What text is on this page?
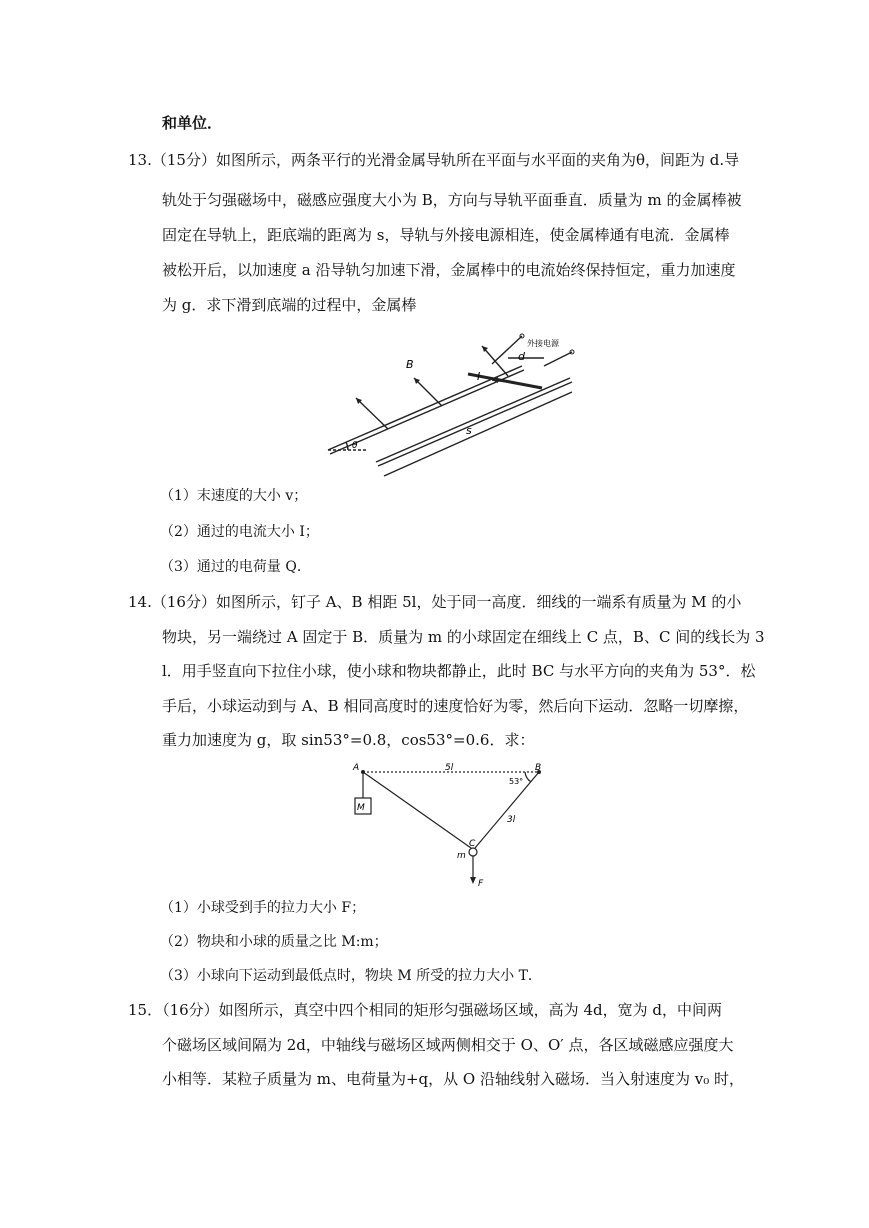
和单位．
13.（15分）如图所示，两条平行的光滑金属导轨所在平面与水平面的夹角为θ，间距为 d.导
轨处于匀强磁场中，磁感应强度大小为 B，方向与导轨平面垂直．质量为 m 的金属棒被
固定在导轨上，距底端的距离为 s，导轨与外接电源相连，使金属棒通有电流．金属棒
被松开后，以加速度 a 沿导轨匀加速下滑，金属棒中的电流始终保持恒定，重力加速度
为 g．求下滑到底端的过程中，金属棒
B
I
d
s
θ
外接电源
（1）末速度的大小 v；
（2）通过的电流大小 I；
（3）通过的电荷量 Q．
14.（16分）如图所示，钉子 A、B 相距 5l，处于同一高度．细线的一端系有质量为 M 的小
物块，另一端绕过 A 固定于 B．质量为 m 的小球固定在细线上 C 点，B、C 间的线长为 3
l．用手竖直向下拉住小球，使小球和物块都静止，此时 BC 与水平方向的夹角为 53°．松
手后，小球运动到与 A、B 相同高度时的速度恰好为零，然后向下运动．忽略一切摩擦，
重力加速度为 g，取 sin53°=0.8，cos53°=0.6．求：
A	B
M
5l
53°
3l
C
m
F
（1）小球受到手的拉力大小 F；
（2）物块和小球的质量之比 M:m；
（3）小球向下运动到最低点时，物块 M 所受的拉力大小 T．
15．（16分）如图所示，真空中四个相同的矩形匀强磁场区域，高为 4d，宽为 d，中间两
个磁场区域间隔为 2d，中轴线与磁场区域两侧相交于 O、O′ 点，各区域磁感应强度大
小相等．某粒子质量为 m、电荷量为+q，从 O 沿轴线射入磁场．当入射速度为 v₀ 时，
